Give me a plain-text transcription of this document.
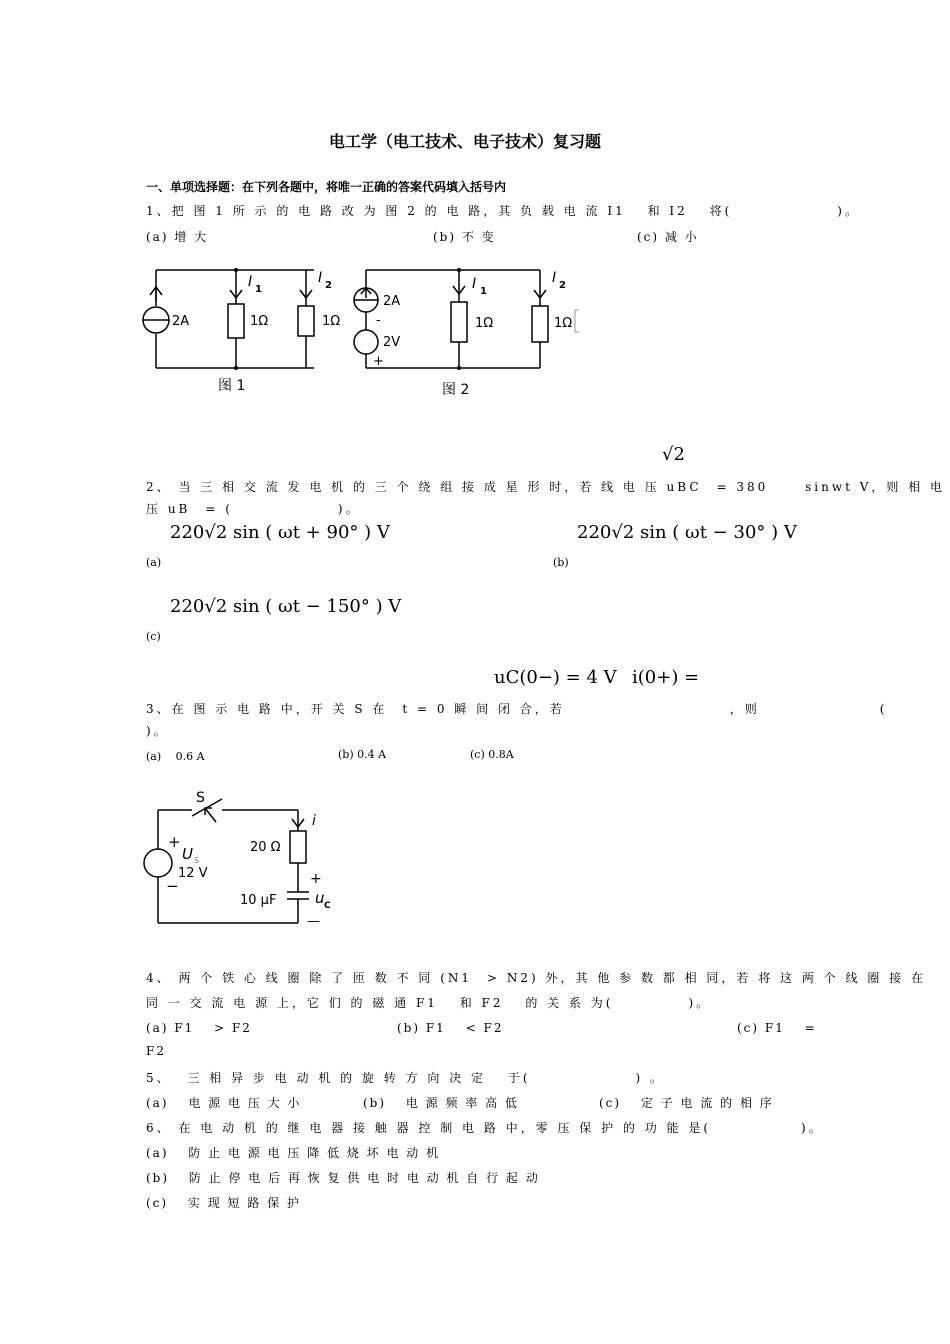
电工学（电工技术、电子技术）复习题
一、单项选择题：在下列各题中，将唯一正确的答案代码填入括号内
1、把 图 1 所 示 的 电 路 改 为 图 2 的 电 路，其 负 载 电 流 I1　 和 I2　 将(　　　　　　　)。
(a) 增 大	(b) 不 变	(c) 减 小
2A	1Ω	1Ω
I 1
I 2
图 1
2A
-
2V
+
1Ω	1Ω
I 1
I 2
图 2
√2
2、 当 三 相 交 流 发 电 机 的 三 个 绕 组 接 成 星 形 时，若 线 电 压 uBC　= 380　　 sinwt V，则 相 电
压 uB　= (　　　　　　　)。
220√2 sin ( ωt + 90° ) V	220√2 sin ( ωt − 30° ) V
(a)	(b)
220√2 sin ( ωt − 150° ) V
(c)
uC(0−) = 4 V i(0+) =
3、在 图 示 电 路 中，开 关 S 在　t = 0 瞬 间 闭 合，若　　　　　　　　　　　，则　　　　　　　　(
)。
(a)　 0.6 A	(b) 0.4 A	(c) 0.8A
S
i
+
U S
12 V
−
20 Ω
+
10 µF	u C
—
4、 两 个 铁 心 线 圈 除 了 匝 数 不 同 (N1　> N2) 外，其 他 参 数 都 相 同，若 将 这 两 个 线 圈 接 在
同 一 交 流 电 源 上，它 们 的 磁 通 F1　 和 F2　 的 关 系 为(　　　　　)。
(a) F1　 > F2	(b) F1　 < F2	(c) F1　 =
F2
5、　 三 相 异 步 电 动 机 的 旋 转 方 向 决 定　 于(　　　　　　　) 。
(a)　 电 源 电 压 大 小	(b)　 电 源 频 率 高 低	(c)　 定 子 电 流 的 相 序
6、 在 电 动 机 的 继 电 器 接 触 器 控 制 电 路 中，零 压 保 护 的 功 能 是(　　　　　　)。
(a)　 防 止 电 源 电 压 降 低 烧 坏 电 动 机
(b)　 防 止 停 电 后 再 恢 复 供 电 时 电 动 机 自 行 起 动
(c)　 实 现 短 路 保 护
